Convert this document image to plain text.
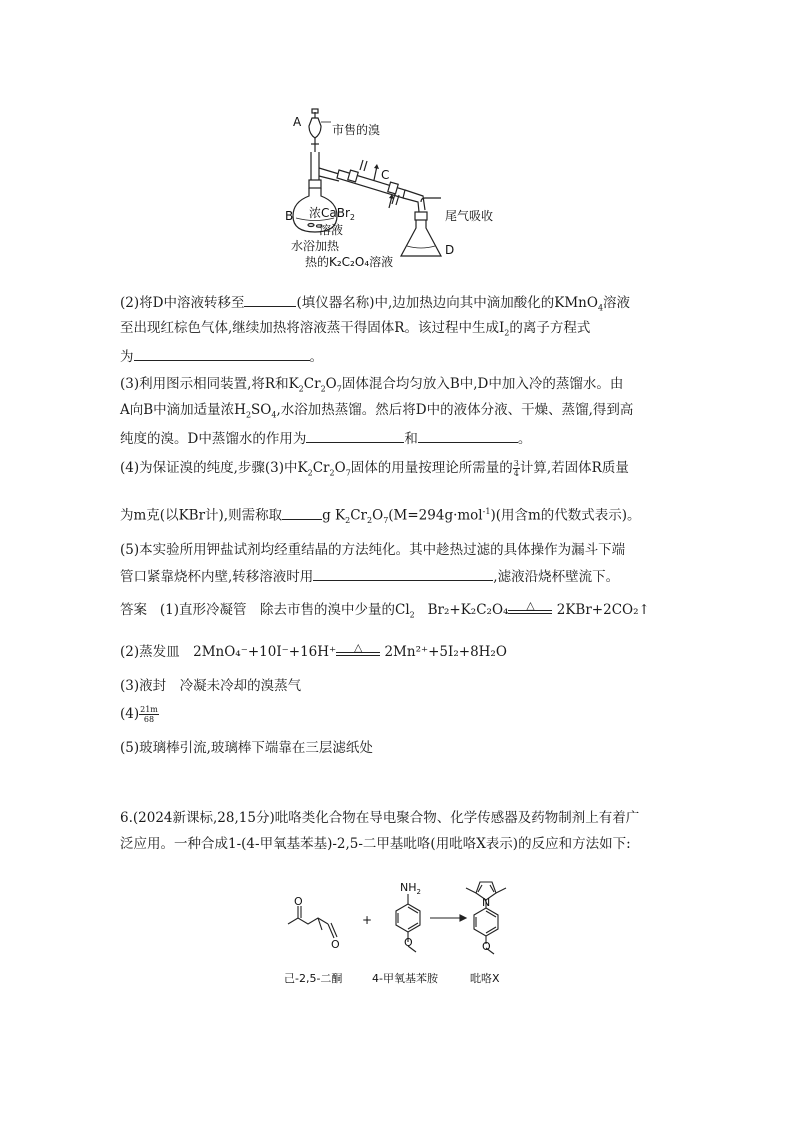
A
市售的溴
C
B 浓CaBr$_2$
溶液
水浴加热
热的K₂C₂O₄溶液
尾气吸收
D
(2)将D中溶液转移至	(填仪器名称)中,边加热边向其中滴加酸化的KMnO$_4$溶液
至出现红棕色气体,继续加热将溶液蒸干得固体R。该过程中生成$I_2$的离子方程式
为	。
(3)利用图示相同装置,将R和$K_2Cr_2O_7$固体混合均匀放入B中,D中加入冷的蒸馏水。由
A向B中滴加适量浓$H_2SO_4$,水浴加热蒸馏。然后将D中的液体分液、干燥、蒸馏,得到高
纯度的溴。D中蒸馏水的作用为	和	。
(4)为保证溴的纯度,步骤(3)中$K_2Cr_2O_7$固体的用量按理论所需量的 $\frac{3}{4}$ 计算,若固体R质量
为m克(以KBr计),则需称取	g $K_2Cr_2O_7(M=294g\cdot mol^{-1})$(用含m的代数式表示)。
(5)本实验所用钾盐试剂均经重结晶的方法纯化。其中趁热过滤的具体操作为漏斗下端
管口紧靠烧杯内壁,转移溶液时用	,滤液沿烧杯壁流下。
答案 (1)直形冷凝管　除去市售的溴中少量的$Cl_2$ Br₂+K₂C₂O₄	△	2KBr+2CO₂↑
(2)蒸发皿　2MnO₄⁻+10I⁻+16H⁺	△	2Mn²⁺+5I₂+8H₂O
(3)液封　冷凝未冷却的溴蒸气
$(4) \frac{21m}{68}$
(5)玻璃棒引流,玻璃棒下端靠在三层滤纸处
6.(2024新课标,28,15分)吡咯类化合物在导电聚合物、化学传感器及药物制剂上有着广
泛应用。一种合成1-(4-甲氧基苯基)-2,5-二甲基吡咯(用吡咯X表示)的反应和方法如下:
O
O
+
$NH_2$
O
N
O
己-2,5-二酮	4-甲氧基苯胺	吡咯X
